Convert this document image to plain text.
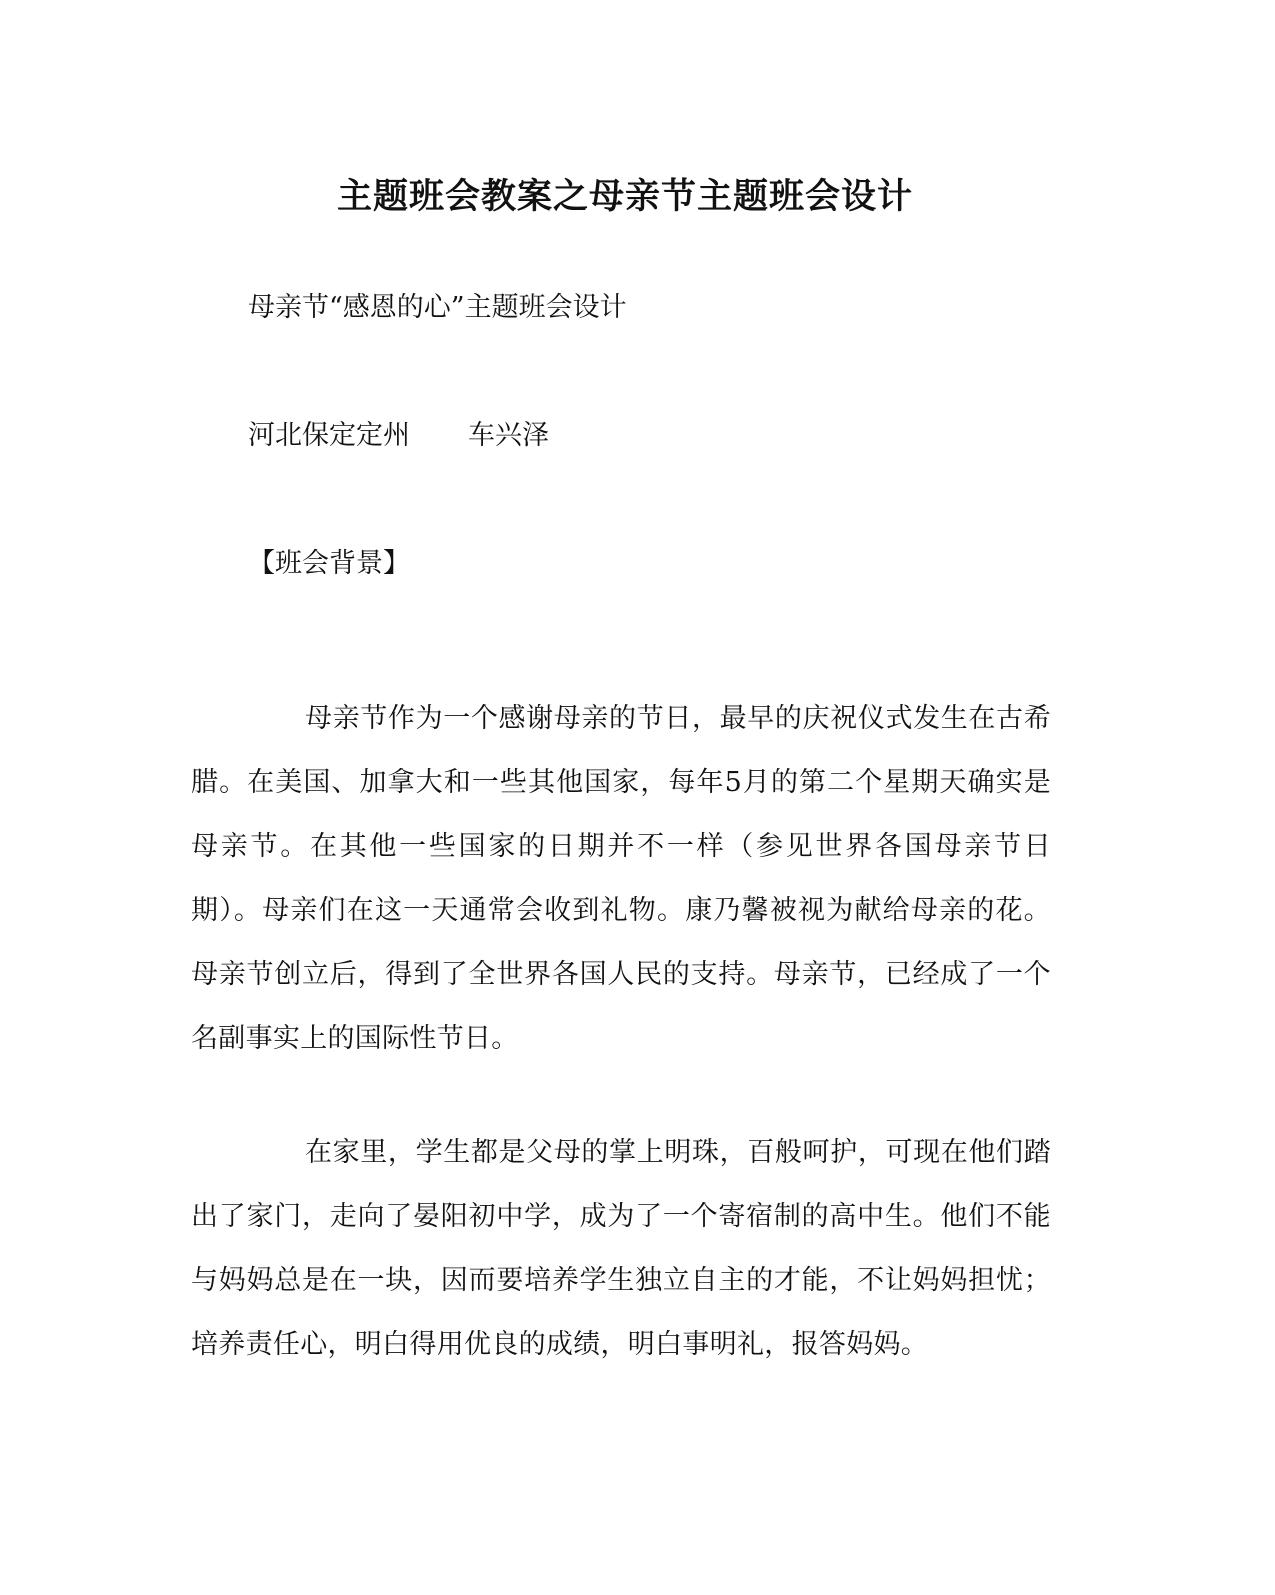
主题班会教案之母亲节主题班会设计
母亲节“感恩的心”主题班会设计
河北保定定州 车兴泽
【班会背景】

母亲节作为一个感谢母亲的节日，最早的庆祝仪式发生在古希腊。在美国、加拿大和一些其他国家，每年5月的第二个星期天确实是母亲节。在其他一些国家的日期并不一样（参见世界各国母亲节日期）。母亲们在这一天通常会收到礼物。康乃馨被视为献给母亲的花。母亲节创立后，得到了全世界各国人民的支持。母亲节，已经成了一个名副事实上的国际性节日。

在家里，学生都是父母的掌上明珠，百般呵护，可现在他们踏出了家门，走向了晏阳初中学，成为了一个寄宿制的高中生。他们不能与妈妈总是在一块，因而要培养学生独立自主的才能，不让妈妈担忧；培养责任心，明白得用优良的成绩，明白事明礼，报答妈妈。
